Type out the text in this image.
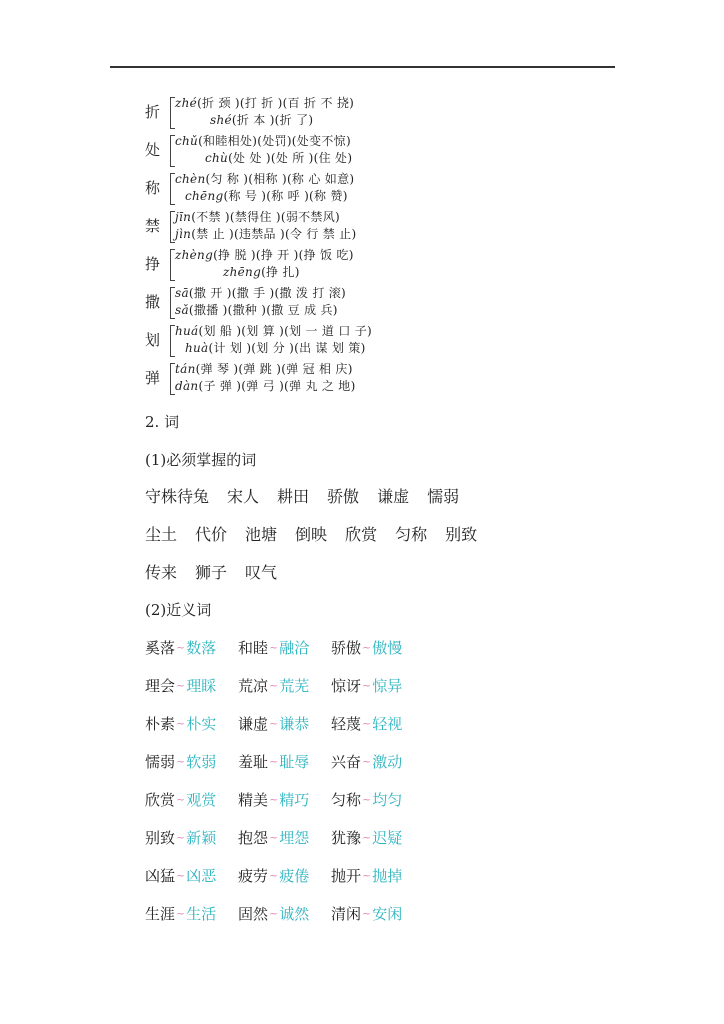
折 zhé(折 颈 )(打 折 )(百 折 不 挠)
shé(折 本 )(折 了)
处 chǔ(和睦相处)(处罚)(处变不惊)
chù(处 处 )(处 所 )(住 处)
称 chèn(匀 称 )(相称 )(称 心 如意)
chēng(称 号 )(称 呼 )(称 赞)
禁 jīn(不禁 )(禁得住 )(弱不禁风)
jìn(禁 止 )(违禁品 )(令 行 禁 止)
挣 zhèng(挣 脱 )(挣 开 )(挣 饭 吃)
zhēng(挣 扎)
撒 sā(撒 开 )(撒 手 )(撒 泼 打 滚)
sǎ(撒播 )(撒种 )(撒 豆 成 兵)
划 huá(划 船 )(划 算 )(划 一 道 口 子)
huà(计 划 )(划 分 )(出 谋 划 策)
弹 tán(弹 琴 )(弹 跳 )(弹 冠 相 庆)
dàn(子 弹 )(弹 弓 )(弹 丸 之 地)
2. 词
(1)必须掌握的词
守株待兔 宋人 耕田 骄傲 谦虚 懦弱
尘土 代价 池塘 倒映 欣赏 匀称 别致
传来 狮子 叹气
(2)近义词
奚落~数落 和睦~融洽 骄傲~傲慢
理会~理睬 荒凉~荒芜 惊讶~惊异
朴素~朴实 谦虚~谦恭 轻蔑~轻视
懦弱~软弱 羞耻~耻辱 兴奋~激动
欣赏~观赏 精美~精巧 匀称~均匀
别致~新颖 抱怨~埋怨 犹豫~迟疑
凶猛~凶恶 疲劳~疲倦 抛开~抛掉
生涯~生活 固然~诚然 清闲~安闲
